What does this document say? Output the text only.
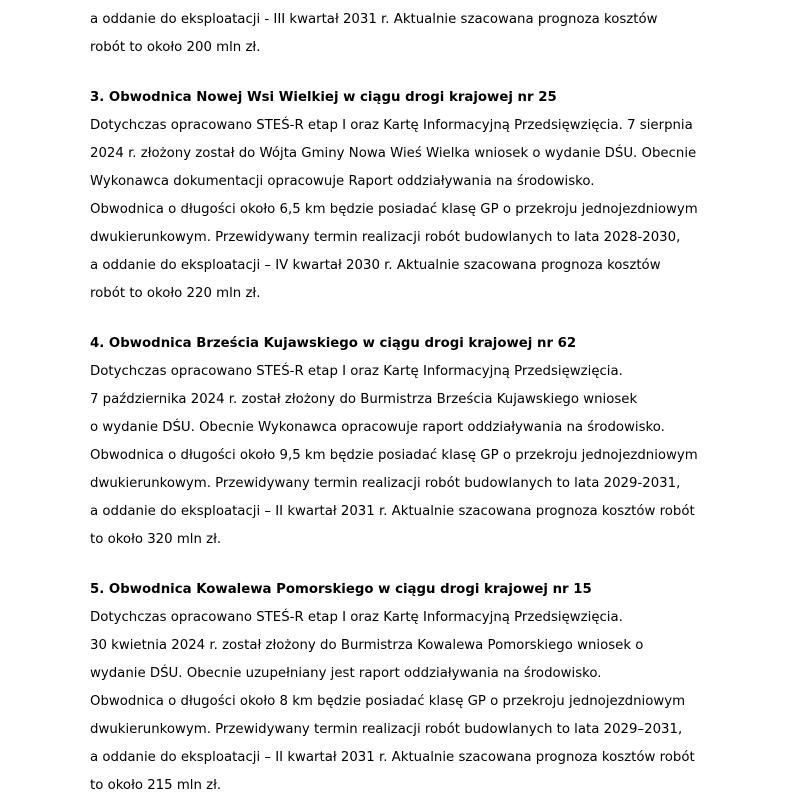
a oddanie do eksploatacji - III kwartał 2031 r. Aktualnie szacowana prognoza kosztów
robót to około 200 mln zł.

3. Obwodnica Nowej Wsi Wielkiej w ciągu drogi krajowej nr 25

Dotychczas opracowano STEŚ-R etap I oraz Kartę Informacyjną Przedsięwzięcia. 7 sierpnia
2024 r. złożony został do Wójta Gminy Nowa Wieś Wielka wniosek o wydanie DŚU. Obecnie
Wykonawca dokumentacji opracowuje Raport oddziaływania na środowisko.

Obwodnica o długości około 6,5 km będzie posiadać klasę GP o przekroju jednojezdniowym
dwukierunkowym. Przewidywany termin realizacji robót budowlanych to lata 2028-2030,
a oddanie do eksploatacji – IV kwartał 2030 r. Aktualnie szacowana prognoza kosztów
robót to około 220 mln zł.

4. Obwodnica Brześcia Kujawskiego w ciągu drogi krajowej nr 62

Dotychczas opracowano STEŚ-R etap I oraz Kartę Informacyjną Przedsięwzięcia.
7 października 2024 r. został złożony do Burmistrza Brześcia Kujawskiego wniosek
o wydanie DŚU. Obecnie Wykonawca opracowuje raport oddziaływania na środowisko.

Obwodnica o długości około 9,5 km będzie posiadać klasę GP o przekroju jednojezdniowym
dwukierunkowym. Przewidywany termin realizacji robót budowlanych to lata 2029-2031,
a oddanie do eksploatacji – II kwartał 2031 r. Aktualnie szacowana prognoza kosztów robót
to około 320 mln zł.

5. Obwodnica Kowalewa Pomorskiego w ciągu drogi krajowej nr 15

Dotychczas opracowano STEŚ-R etap I oraz Kartę Informacyjną Przedsięwzięcia.
30 kwietnia 2024 r. został złożony do Burmistrza Kowalewa Pomorskiego wniosek o
wydanie DŚU. Obecnie uzupełniany jest raport oddziaływania na środowisko.

Obwodnica o długości około 8 km będzie posiadać klasę GP o przekroju jednojezdniowym
dwukierunkowym. Przewidywany termin realizacji robót budowlanych to lata 2029–2031,
a oddanie do eksploatacji – II kwartał 2031 r. Aktualnie szacowana prognoza kosztów robót
to około 215 mln zł.
